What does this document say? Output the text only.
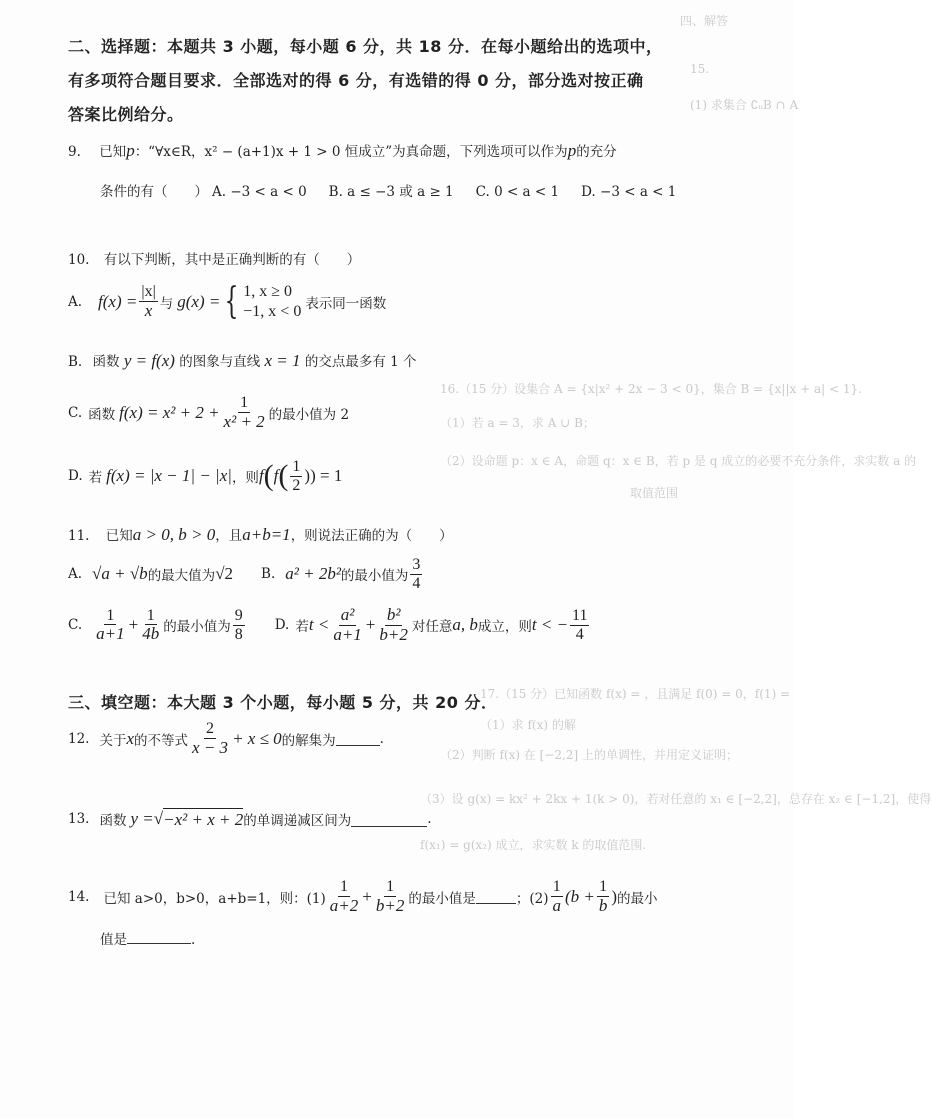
四、解答
15.
(1) 求集合 ∁ᵤB ∩ A
16.（15 分）设集合 A = {x|x² + 2x − 3 < 0}，集合 B = {x||x + a| < 1}.
（1）若 a = 3，求 A ∪ B；
（2）设命题 p：x ∈ A，命题 q：x ∈ B，若 p 是 q 成立的必要不充分条件，求实数 a 的
取值范围
17.（15 分）已知函数 f(x) = ，且满足 f(0) = 0，f(1) =
（1）求 f(x) 的解
（2）判断 f(x) 在 [−2,2] 上的单调性，并用定义证明；
（3）设 g(x) = kx² + 2kx + 1(k > 0)，若对任意的 x₁ ∈ [−2,2]，总存在 x₂ ∈ [−1,2]，使得
f(x₁) = g(x₂) 成立，求实数 k 的取值范围.
二、选择题：本题共 3 小题，每小题 6 分，共 18 分．在每小题给出的选项中，
有多项符合题目要求．全部选对的得 6 分，有选错的得 0 分，部分选对按正确
答案比例给分。
9. 已知p：“∀x∈R，x² − (a+1)x + 1 > 0 恒成立”为真命题，下列选项可以作为p的充分
条件的有（　　） A. −3 < a < 0 B. a ≤ −3 或 a ≥ 1 C. 0 < a < 1 D. −3 < a < 1
10. 有以下判断，其中是正确判断的有（　　）
A. $f(x) = \frac{|x|}{x}$ 与 g(x) = { 1, x ≥ 0
−1, x < 0 表示同一函数
B. 函数 y = f(x) 的图象与直线 x = 1 的交点最多有 1 个
C. 函数 $f(x) = x^2 + 2 + \frac{1}{\text{x² + 2}}$ 的最小值为 2
D. 若 f(x) = |x − 1| − |x| ，则 f ( f ( $\frac{1}{2}$ )) = 1
11. 已知a > 0, b > 0，且a+b=1，则说法正确的为（　　）
A. √a + √b 的最大值为 √2 B. a² + 2b² 的最小值为 $\frac{3}{4}$
C. $\frac{1}{a+1} + \frac{1}{4b}$ 的最小值为 $\frac{9}{8} D$. 若 $t < \frac{\text{a²}}{a+1} + \frac{\text{b²}}{b+2}$ 对任意 a, b 成立，则 t < − $\frac{11}{4}$
三、填空题：本大题 3 个小题，每小题 5 分，共 20 分．
12. 关于 x 的不等式 $\frac{2}{x - 3} + x \le 0$ 的解集为	.
13. 函数 y = √ −x² + x + 2 的单调递减区间为	.
14. 已知 a>0，b>0，a+b=1，则：$(1) \frac{1}{a+2} + \frac{1}{b+2}$ 的最小值是	；$(2) \frac{1}{a} (b + \frac{1}{b}$ ) 的最小
值是	.
